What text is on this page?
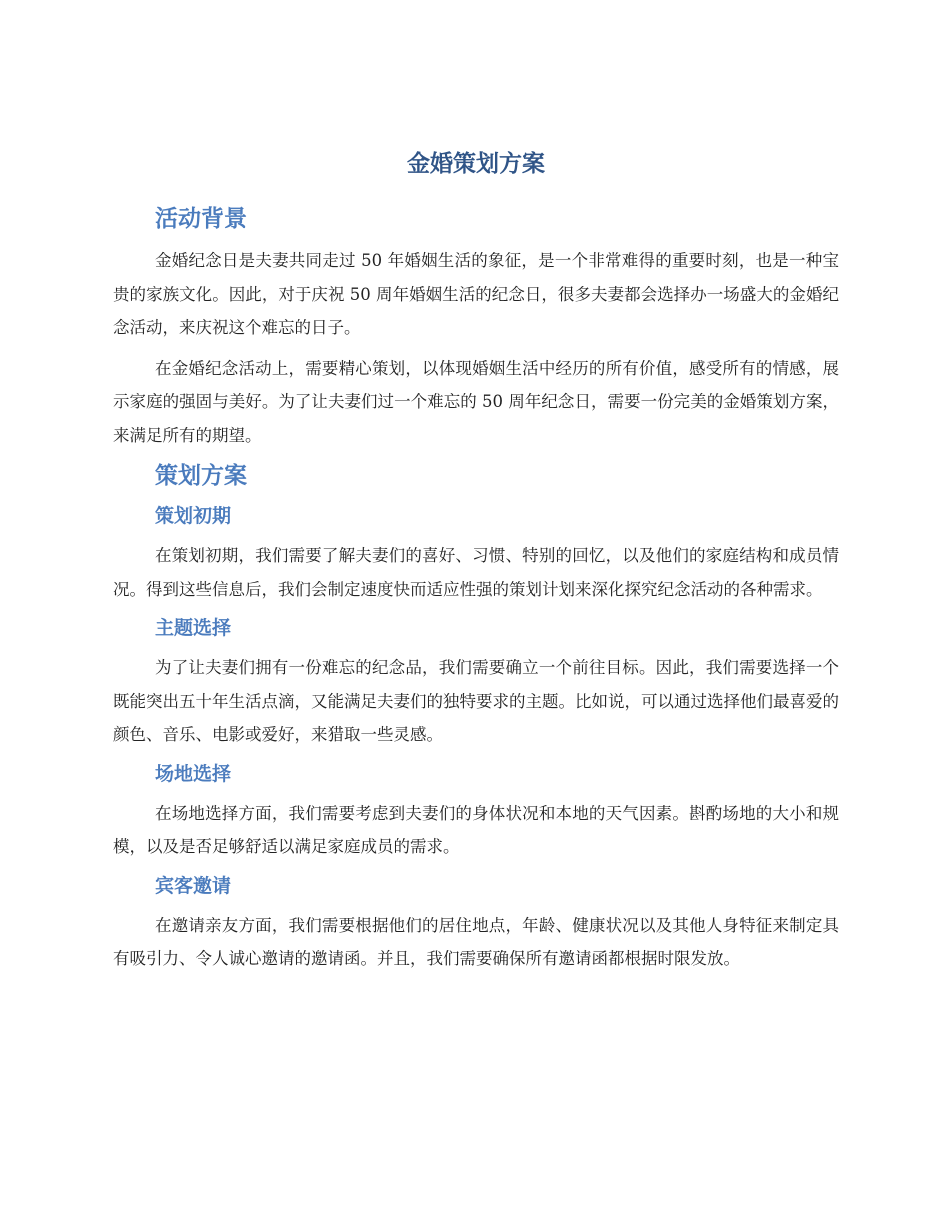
金婚策划方案
活动背景

金婚纪念日是夫妻共同走过 50 年婚姻生活的象征，是一个非常难得的重要时刻，也是一种宝贵的家族文化。因此，对于庆祝 50 周年婚姻生活的纪念日，很多夫妻都会选择办一场盛大的金婚纪念活动，来庆祝这个难忘的日子。

在金婚纪念活动上，需要精心策划，以体现婚姻生活中经历的所有价值，感受所有的情感，展示家庭的强固与美好。为了让夫妻们过一个难忘的 50 周年纪念日，需要一份完美的金婚策划方案，来满足所有的期望。

策划方案
策划初期

在策划初期，我们需要了解夫妻们的喜好、习惯、特别的回忆，以及他们的家庭结构和成员情况。得到这些信息后，我们会制定速度快而适应性强的策划计划来深化探究纪念活动的各种需求。

主题选择

为了让夫妻们拥有一份难忘的纪念品，我们需要确立一个前往目标。因此，我们需要选择一个既能突出五十年生活点滴，又能满足夫妻们的独特要求的主题。比如说，可以通过选择他们最喜爱的颜色、音乐、电影或爱好，来猎取一些灵感。

场地选择

在场地选择方面，我们需要考虑到夫妻们的身体状况和本地的天气因素。斟酌场地的大小和规模，以及是否足够舒适以满足家庭成员的需求。

宾客邀请

在邀请亲友方面，我们需要根据他们的居住地点，年龄、健康状况以及其他人身特征来制定具有吸引力、令人诚心邀请的邀请函。并且，我们需要确保所有邀请函都根据时限发放。
